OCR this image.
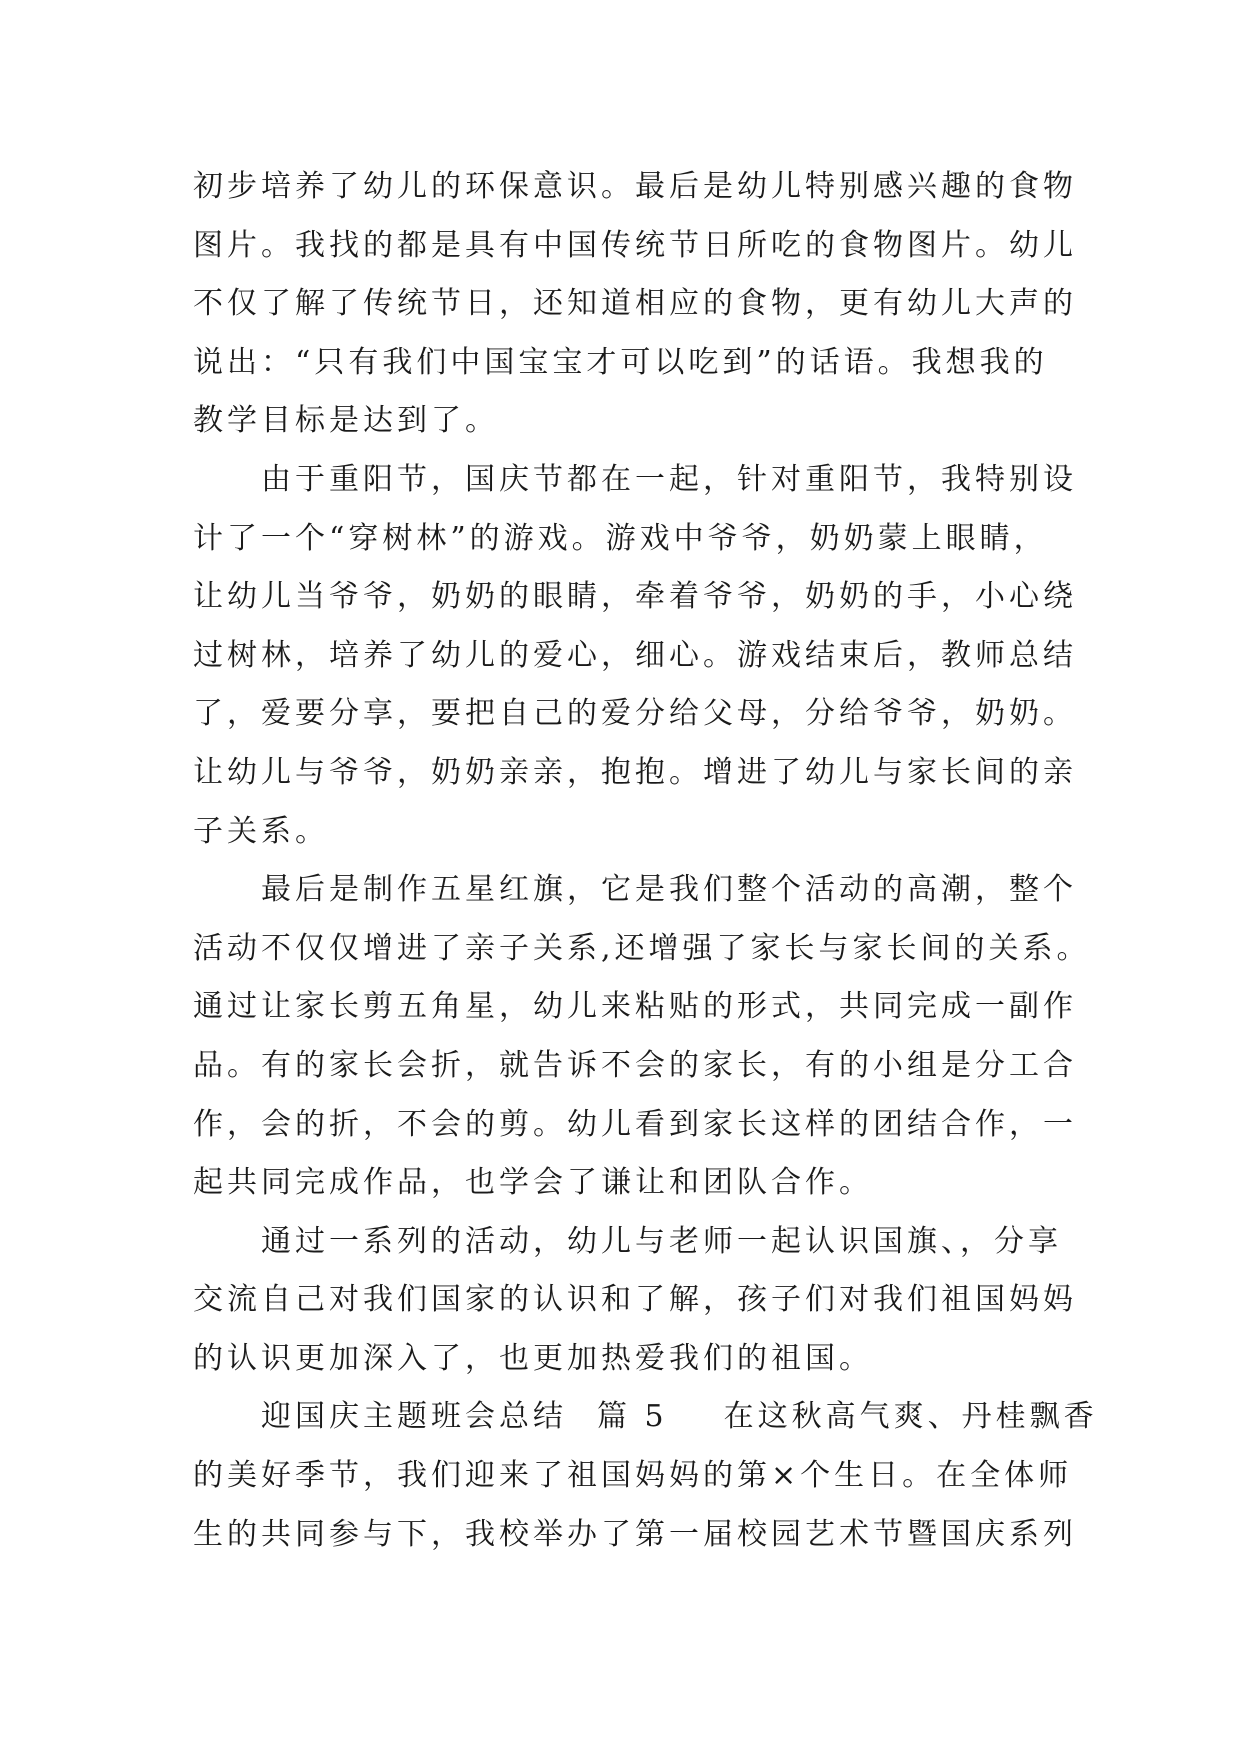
初步培养了幼儿的环保意识。最后是幼儿特别感兴趣的食物
图片。我找的都是具有中国传统节日所吃的食物图片。幼儿
不仅了解了传统节日，还知道相应的食物，更有幼儿大声的
说出：“只有我们中国宝宝才可以吃到”的话语。我想我的
教学目标是达到了。
由于重阳节，国庆节都在一起，针对重阳节，我特别设
计了一个“穿树林”的游戏。游戏中爷爷，奶奶蒙上眼睛，
让幼儿当爷爷，奶奶的眼睛，牵着爷爷，奶奶的手，小心绕
过树林，培养了幼儿的爱心，细心。游戏结束后，教师总结
了，爱要分享，要把自己的爱分给父母，分给爷爷，奶奶。
让幼儿与爷爷，奶奶亲亲，抱抱。增进了幼儿与家长间的亲
子关系。
最后是制作五星红旗，它是我们整个活动的高潮，整个
活动不仅仅增进了亲子关系,还增强了家长与家长间的关系。
通过让家长剪五角星，幼儿来粘贴的形式，共同完成一副作
品。有的家长会折，就告诉不会的家长，有的小组是分工合
作，会的折，不会的剪。幼儿看到家长这样的团结合作，一
起共同完成作品，也学会了谦让和团队合作。
通过一系列的活动，幼儿与老师一起认识国旗、，分享
交流自己对我们国家的认识和了解，孩子们对我们祖国妈妈
的认识更加深入了，也更加热爱我们的祖国。
迎国庆主题班会总结 篇 5 在这秋高气爽、丹桂飘香
的美好季节，我们迎来了祖国妈妈的第×个生日。在全体师
生的共同参与下，我校举办了第一届校园艺术节暨国庆系列
